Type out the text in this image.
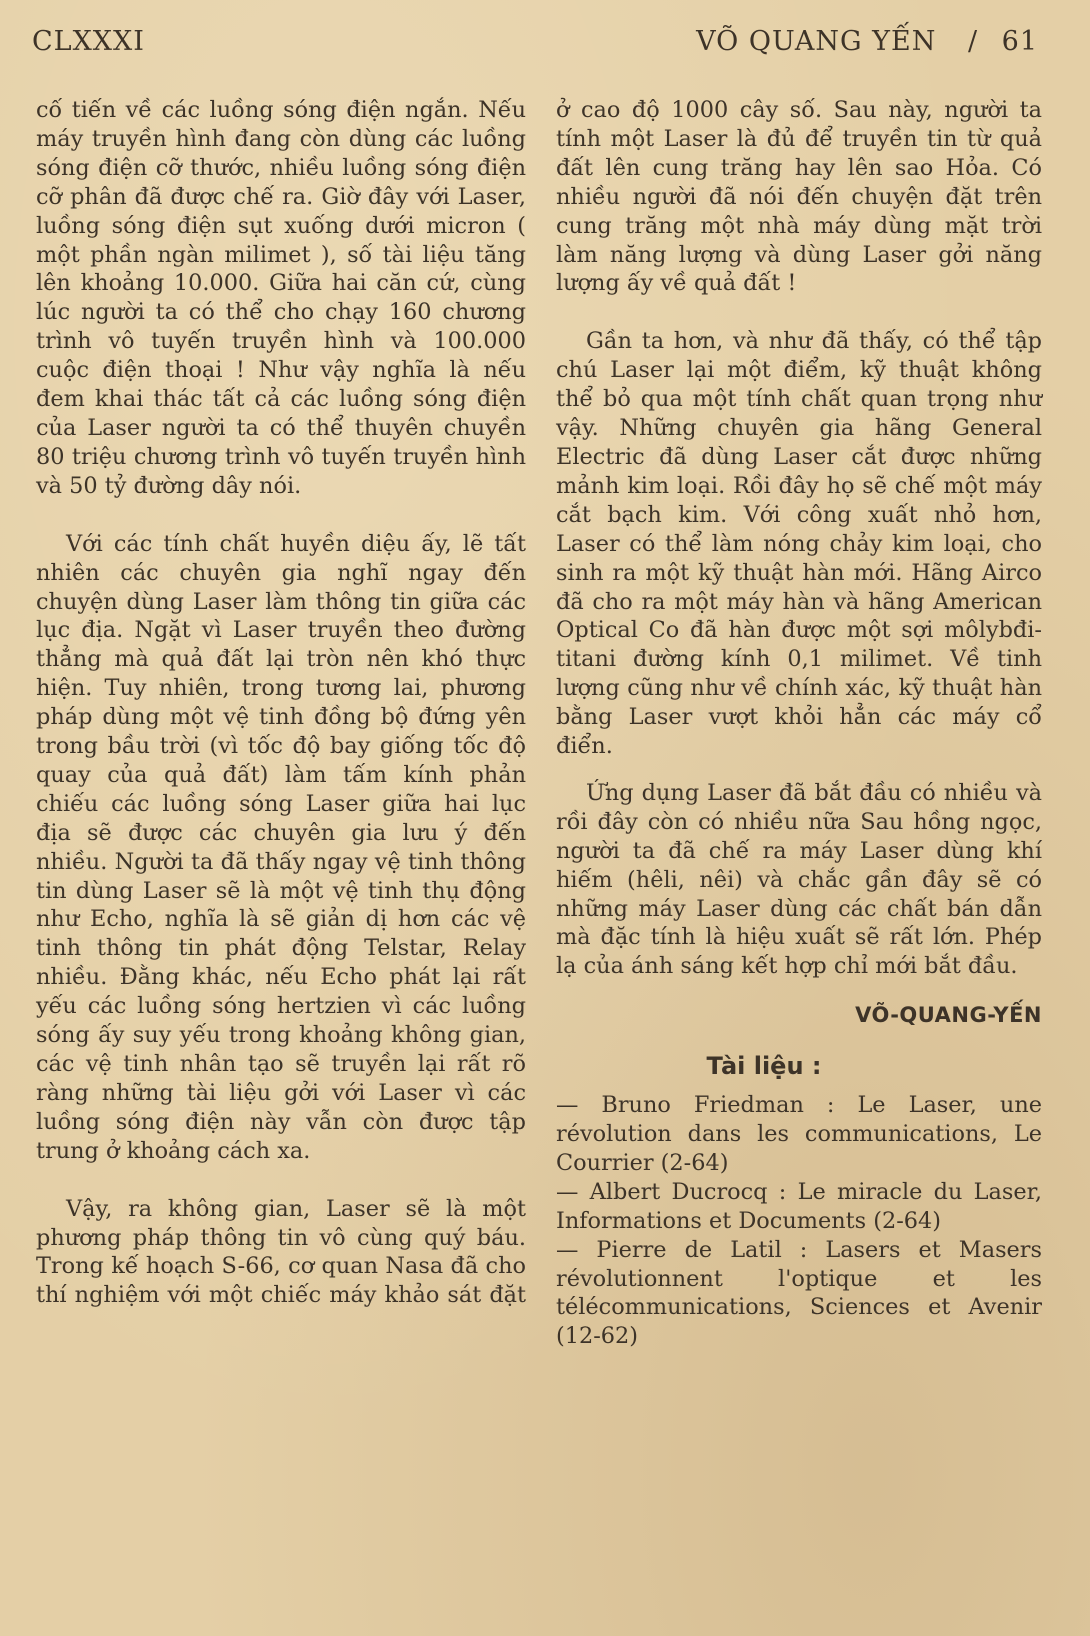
CLXXXI	VÕ QUANG YẾN / 61

cố tiến về các luồng sóng điện ngắn. Nếu máy truyền hình đang còn dùng các luồng sóng điện cỡ thước, nhiều luồng sóng điện cỡ phân đã được chế ra. Giờ đây với Laser, luồng sóng điện sụt xuống dưới micron ( một phần ngàn milimet ), số tài liệu tăng lên khoảng 10.000. Giữa hai căn cứ, cùng lúc người ta có thể cho chạy 160 chương trình vô tuyến truyền hình và 100.000 cuộc điện thoại ! Như vậy nghĩa là nếu đem khai thác tất cả các luồng sóng điện của Laser người ta có thể thuyên chuyền 80 triệu chương trình vô tuyến truyền hình và 50 tỷ đường dây nói.

Với các tính chất huyền diệu ấy, lẽ tất nhiên các chuyên gia nghĩ ngay đến chuyện dùng Laser làm thông tin giữa các lục địa. Ngặt vì Laser truyền theo đường thẳng mà quả đất lại tròn nên khó thực hiện. Tuy nhiên, trong tương lai, phương pháp dùng một vệ tinh đồng bộ đứng yên trong bầu trời (vì tốc độ bay giống tốc độ quay của quả đất) làm tấm kính phản chiếu các luồng sóng Laser giữa hai lục địa sẽ được các chuyên gia lưu ý đến nhiều. Người ta đã thấy ngay vệ tinh thông tin dùng Laser sẽ là một vệ tinh thụ động như Echo, nghĩa là sẽ giản dị hơn các vệ tinh thông tin phát động Telstar, Relay nhiều. Đằng khác, nếu Echo phát lại rất yếu các luồng sóng hertzien vì các luồng sóng ấy suy yếu trong khoảng không gian, các vệ tinh nhân tạo sẽ truyền lại rất rõ ràng những tài liệu gởi với Laser vì các luồng sóng điện này vẫn còn được tập trung ở khoảng cách xa.

Vậy, ra không gian, Laser sẽ là một phương pháp thông tin vô cùng quý báu. Trong kế hoạch S-66, cơ quan Nasa đã cho thí nghiệm với một chiếc máy khảo sát đặt

ở cao độ 1000 cây số. Sau này, người ta tính một Laser là đủ để truyền tin từ quả đất lên cung trăng hay lên sao Hỏa. Có nhiều người đã nói đến chuyện đặt trên cung trăng một nhà máy dùng mặt trời làm năng lượng và dùng Laser gởi năng lượng ấy về quả đất !

Gần ta hơn, và như đã thấy, có thể tập chú Laser lại một điểm, kỹ thuật không thể bỏ qua một tính chất quan trọng như vậy. Những chuyên gia hãng General Electric đã dùng Laser cắt được những mảnh kim loại. Rồi đây họ sẽ chế một máy cắt bạch kim. Với công xuất nhỏ hơn, Laser có thể làm nóng chảy kim loại, cho sinh ra một kỹ thuật hàn mới. Hãng Airco đã cho ra một máy hàn và hãng American Optical Co đã hàn được một sợi môlybđi-titani đường kính 0,1 milimet. Về tinh lượng cũng như về chính xác, kỹ thuật hàn bằng Laser vượt khỏi hẳn các máy cổ điển.

Ứng dụng Laser đã bắt đầu có nhiều và rồi đây còn có nhiều nữa Sau hồng ngọc, người ta đã chế ra máy Laser dùng khí hiếm (hêli, nêi) và chắc gần đây sẽ có những máy Laser dùng các chất bán dẫn mà đặc tính là hiệu xuất sẽ rất lớn. Phép lạ của ánh sáng kết hợp chỉ mới bắt đầu.

VÕ-QUANG-YẾN
Tài liệu :

— Bruno Friedman : Le Laser, une révolution dans les communications, Le Courrier (2-64)

— Albert Ducrocq : Le miracle du Laser, Informations et Documents (2-64)

— Pierre de Latil : Lasers et Masers révolutionnent l'optique et les télécommunications, Sciences et Avenir (12-62)
